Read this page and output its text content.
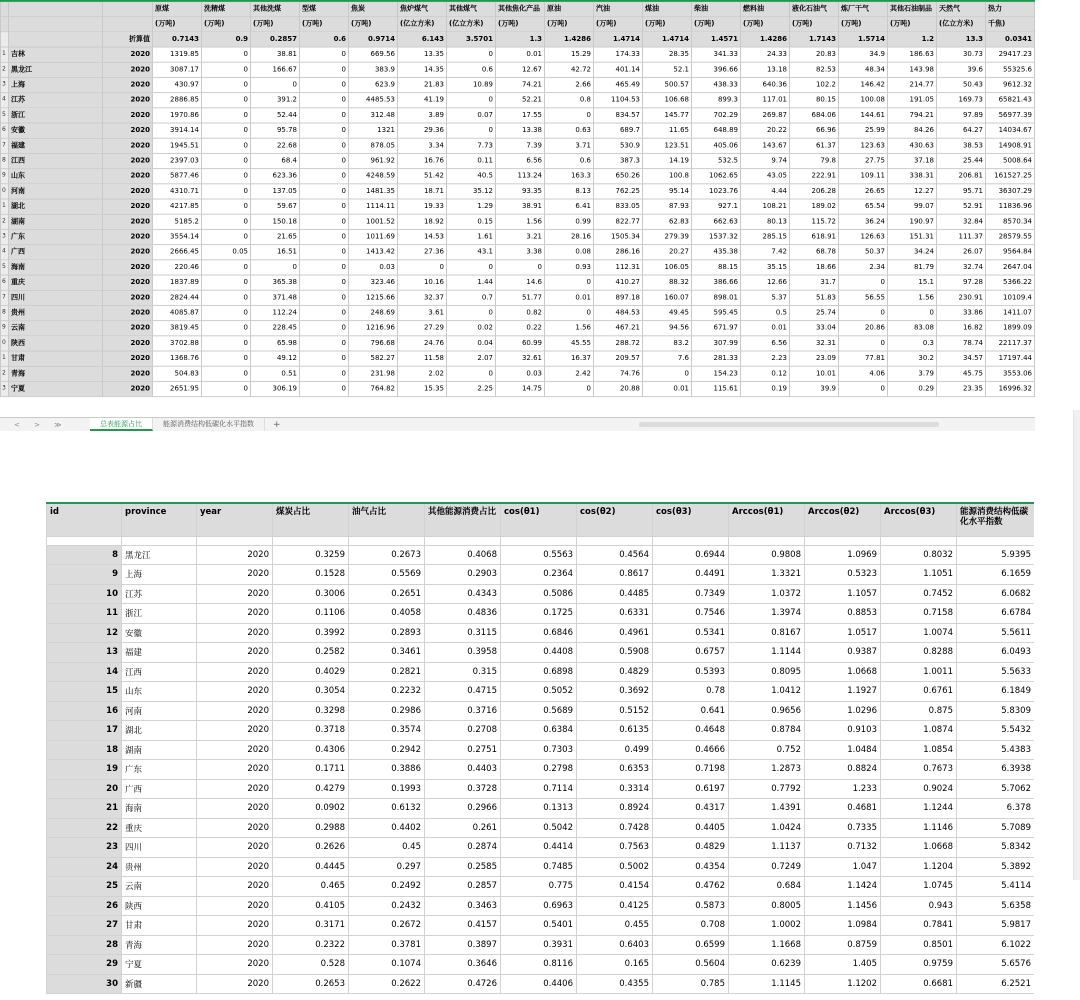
			原煤	洗精煤	其他洗煤	型煤	焦炭	焦炉煤气	其他煤气	其他焦化产品	原油	汽油	煤油	柴油	燃料油	液化石油气	炼厂干气	其他石油制品	天然气	热力
			(万吨)	(万吨)	(万吨)	(万吨)	(万吨)	(亿立方米)	(亿立方米)	(万吨)	(万吨)	(万吨)	(万吨)	(万吨)	(万吨)	(万吨)	(万吨)	(万吨)	(亿立方米)	千焦)
		折算值	0.7143	0.9	0.2857	0.6	0.9714	6.143	3.5701	1.3	1.4286	1.4714	1.4714	1.4571	1.4286	1.7143	1.5714	1.2	13.3	0.0341
1	吉林	2020	1319.85	0	38.81	0	669.56	13.35	0	0.01	15.29	174.33	28.35	341.33	24.33	20.83	34.9	186.63	30.73	29417.23
2	黑龙江	2020	3087.17	0	166.67	0	383.9	14.35	0.6	12.67	42.72	401.14	52.1	396.66	13.18	82.53	48.34	143.98	39.6	55325.6
3	上海	2020	430.97	0	0	0	623.9	21.83	10.89	74.21	2.66	465.49	500.57	438.33	640.36	102.2	146.42	214.77	50.43	9612.32
4	江苏	2020	2886.85	0	391.2	0	4485.53	41.19	0	52.21	0.8	1104.53	106.68	899.3	117.01	80.15	100.08	191.05	169.73	65821.43
5	浙江	2020	1970.86	0	52.44	0	312.48	3.89	0.07	17.55	0	834.57	145.77	702.29	269.87	684.06	144.61	794.21	97.89	56977.39
6	安徽	2020	3914.14	0	95.78	0	1321	29.36	0	13.38	0.63	689.7	11.65	648.89	20.22	66.96	25.99	84.26	64.27	14034.67
7	福建	2020	1945.51	0	22.68	0	878.05	3.34	7.73	7.39	3.71	530.9	123.51	405.06	143.67	61.37	123.63	430.63	38.53	14908.91
8	江西	2020	2397.03	0	68.4	0	961.92	16.76	0.11	6.56	0.6	387.3	14.19	532.5	9.74	79.8	27.75	37.18	25.44	5008.64
9	山东	2020	5877.46	0	623.36	0	4248.59	51.42	40.5	113.24	163.3	650.26	100.8	1062.65	43.05	222.91	109.11	338.31	206.81	161527.25
0	河南	2020	4310.71	0	137.05	0	1481.35	18.71	35.12	93.35	8.13	762.25	95.14	1023.76	4.44	206.28	26.65	12.27	95.71	36307.29
1	湖北	2020	4217.85	0	59.67	0	1114.11	19.33	1.29	38.91	6.41	833.05	87.93	927.1	108.21	189.02	65.54	99.07	52.91	11836.96
2	湖南	2020	5185.2	0	150.18	0	1001.52	18.92	0.15	1.56	0.99	822.77	62.83	662.63	80.13	115.72	36.24	190.97	32.84	8570.34
3	广东	2020	3554.14	0	21.65	0	1011.69	14.53	1.61	3.21	28.16	1505.34	279.39	1537.32	285.15	618.91	126.63	151.31	111.37	28579.55
4	广西	2020	2666.45	0.05	16.51	0	1413.42	27.36	43.1	3.38	0.08	286.16	20.27	435.38	7.42	68.78	50.37	34.24	26.07	9564.84
5	海南	2020	220.46	0	0	0	0.03	0	0	0	0.93	112.31	106.05	88.15	35.15	18.66	2.34	81.79	32.74	2647.04
6	重庆	2020	1837.89	0	365.38	0	323.46	10.16	1.44	14.6	0	410.27	88.32	386.66	12.66	31.7	0	15.1	97.28	5366.22
7	四川	2020	2824.44	0	371.48	0	1215.66	32.37	0.7	51.77	0.01	897.18	160.07	898.01	5.37	51.83	56.55	1.56	230.91	10109.4
8	贵州	2020	4085.87	0	112.24	0	248.69	3.61	0	0.82	0	484.53	49.45	595.45	0.5	25.74	0	0	33.86	1411.07
9	云南	2020	3819.45	0	228.45	0	1216.96	27.29	0.02	0.22	1.56	467.21	94.56	671.97	0.01	33.04	20.86	83.08	16.82	1899.09
0	陕西	2020	3702.88	0	65.98	0	796.68	24.76	0.04	60.99	45.55	288.72	83.2	307.99	6.56	32.31	0	0.3	78.74	22117.37
1	甘肃	2020	1368.76	0	49.12	0	582.27	11.58	2.07	32.61	16.37	209.57	7.6	281.33	2.23	23.09	77.81	30.2	34.57	17197.44
2	青海	2020	504.83	0	0.51	0	231.98	2.02	0	0.03	2.42	74.76	0	154.23	0.12	10.01	4.06	3.79	45.75	3553.06
3	宁夏	2020	2651.95	0	306.19	0	764.82	15.35	2.25	14.75	0	20.88	0.01	115.61	0.19	39.9	0	0.29	23.35	16996.32
< > ≫	总表能源占比	能源消费结构低碳化水平指数	+
id	province	year	煤炭占比	油气占比	其他能源消费占比	cos(θ1)	cos(θ2)	cos(θ3)	Arccos(θ1)	Arccos(θ2)	Arccos(θ3)	能源消费结构低碳化水平指数

8	黑龙江	2020	0.3259	0.2673	0.4068	0.5563	0.4564	0.6944	0.9808	1.0969	0.8032	5.9395
9	上海	2020	0.1528	0.5569	0.2903	0.2364	0.8617	0.4491	1.3321	0.5323	1.1051	6.1659
10	江苏	2020	0.3006	0.2651	0.4343	0.5086	0.4485	0.7349	1.0372	1.1057	0.7452	6.0682
11	浙江	2020	0.1106	0.4058	0.4836	0.1725	0.6331	0.7546	1.3974	0.8853	0.7158	6.6784
12	安徽	2020	0.3992	0.2893	0.3115	0.6846	0.4961	0.5341	0.8167	1.0517	1.0074	5.5611
13	福建	2020	0.2582	0.3461	0.3958	0.4408	0.5908	0.6757	1.1144	0.9387	0.8288	6.0493
14	江西	2020	0.4029	0.2821	0.315	0.6898	0.4829	0.5393	0.8095	1.0668	1.0011	5.5633
15	山东	2020	0.3054	0.2232	0.4715	0.5052	0.3692	0.78	1.0412	1.1927	0.6761	6.1849
16	河南	2020	0.3298	0.2986	0.3716	0.5689	0.5152	0.641	0.9656	1.0296	0.875	5.8309
17	湖北	2020	0.3718	0.3574	0.2708	0.6384	0.6135	0.4648	0.8784	0.9103	1.0874	5.5432
18	湖南	2020	0.4306	0.2942	0.2751	0.7303	0.499	0.4666	0.752	1.0484	1.0854	5.4383
19	广东	2020	0.1711	0.3886	0.4403	0.2798	0.6353	0.7198	1.2873	0.8824	0.7673	6.3938
20	广西	2020	0.4279	0.1993	0.3728	0.7114	0.3314	0.6197	0.7792	1.233	0.9024	5.7062
21	海南	2020	0.0902	0.6132	0.2966	0.1313	0.8924	0.4317	1.4391	0.4681	1.1244	6.378
22	重庆	2020	0.2988	0.4402	0.261	0.5042	0.7428	0.4405	1.0424	0.7335	1.1146	5.7089
23	四川	2020	0.2626	0.45	0.2874	0.4414	0.7563	0.4829	1.1137	0.7132	1.0668	5.8342
24	贵州	2020	0.4445	0.297	0.2585	0.7485	0.5002	0.4354	0.7249	1.047	1.1204	5.3892
25	云南	2020	0.465	0.2492	0.2857	0.775	0.4154	0.4762	0.684	1.1424	1.0745	5.4114
26	陕西	2020	0.4105	0.2432	0.3463	0.6963	0.4125	0.5873	0.8005	1.1456	0.943	5.6358
27	甘肃	2020	0.3171	0.2672	0.4157	0.5401	0.455	0.708	1.0002	1.0984	0.7841	5.9817
28	青海	2020	0.2322	0.3781	0.3897	0.3931	0.6403	0.6599	1.1668	0.8759	0.8501	6.1022
29	宁夏	2020	0.528	0.1074	0.3646	0.8116	0.165	0.5604	0.6239	1.405	0.9759	5.6576
30	新疆	2020	0.2653	0.2622	0.4726	0.4406	0.4355	0.785	1.1145	1.1202	0.6681	6.2521
